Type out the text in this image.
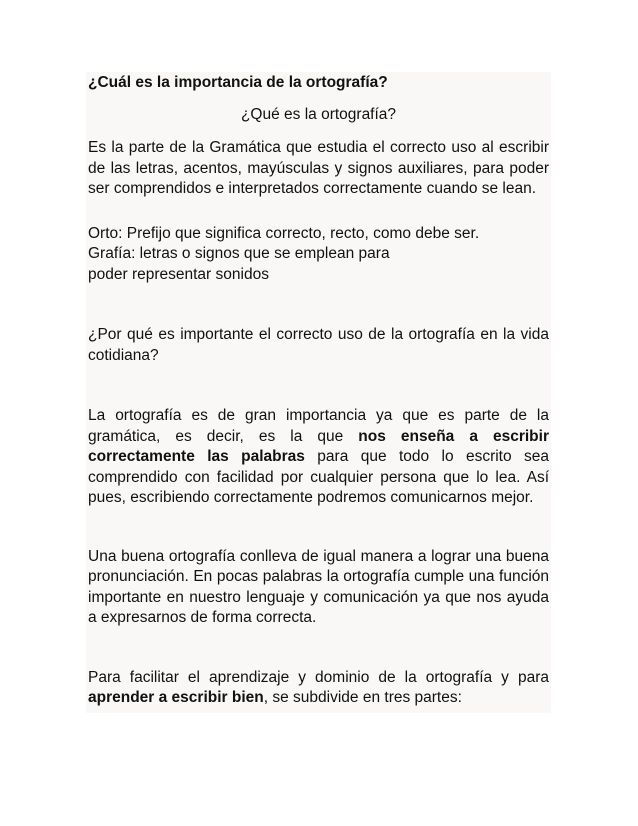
¿Cuál es la importancia de la ortografía?

¿Qué es la ortografía?

Es la parte de la Gramática que estudia el correcto uso al escribir de las letras, acentos, mayúsculas y signos auxiliares, para poder ser comprendidos e interpretados correctamente cuando se lean.

Orto: Prefijo que significa correcto, recto, como debe ser.

Grafía: letras o signos que se emplean para

poder representar sonidos

¿Por qué es importante el correcto uso de la ortografía en la vida cotidiana?

La ortografía es de gran importancia ya que es parte de la gramática, es decir, es la que nos enseña a escribir correctamente las palabras para que todo lo escrito sea comprendido con facilidad por cualquier persona que lo lea. Así pues, escribiendo correctamente podremos comunicarnos mejor.

Una buena ortografía conlleva de igual manera a lograr una buena pronunciación. En pocas palabras la ortografía cumple una función importante en nuestro lenguaje y comunicación ya que nos ayuda a expresarnos de forma correcta.

Para facilitar el aprendizaje y dominio de la ortografía y para aprender a escribir bien, se subdivide en tres partes:
